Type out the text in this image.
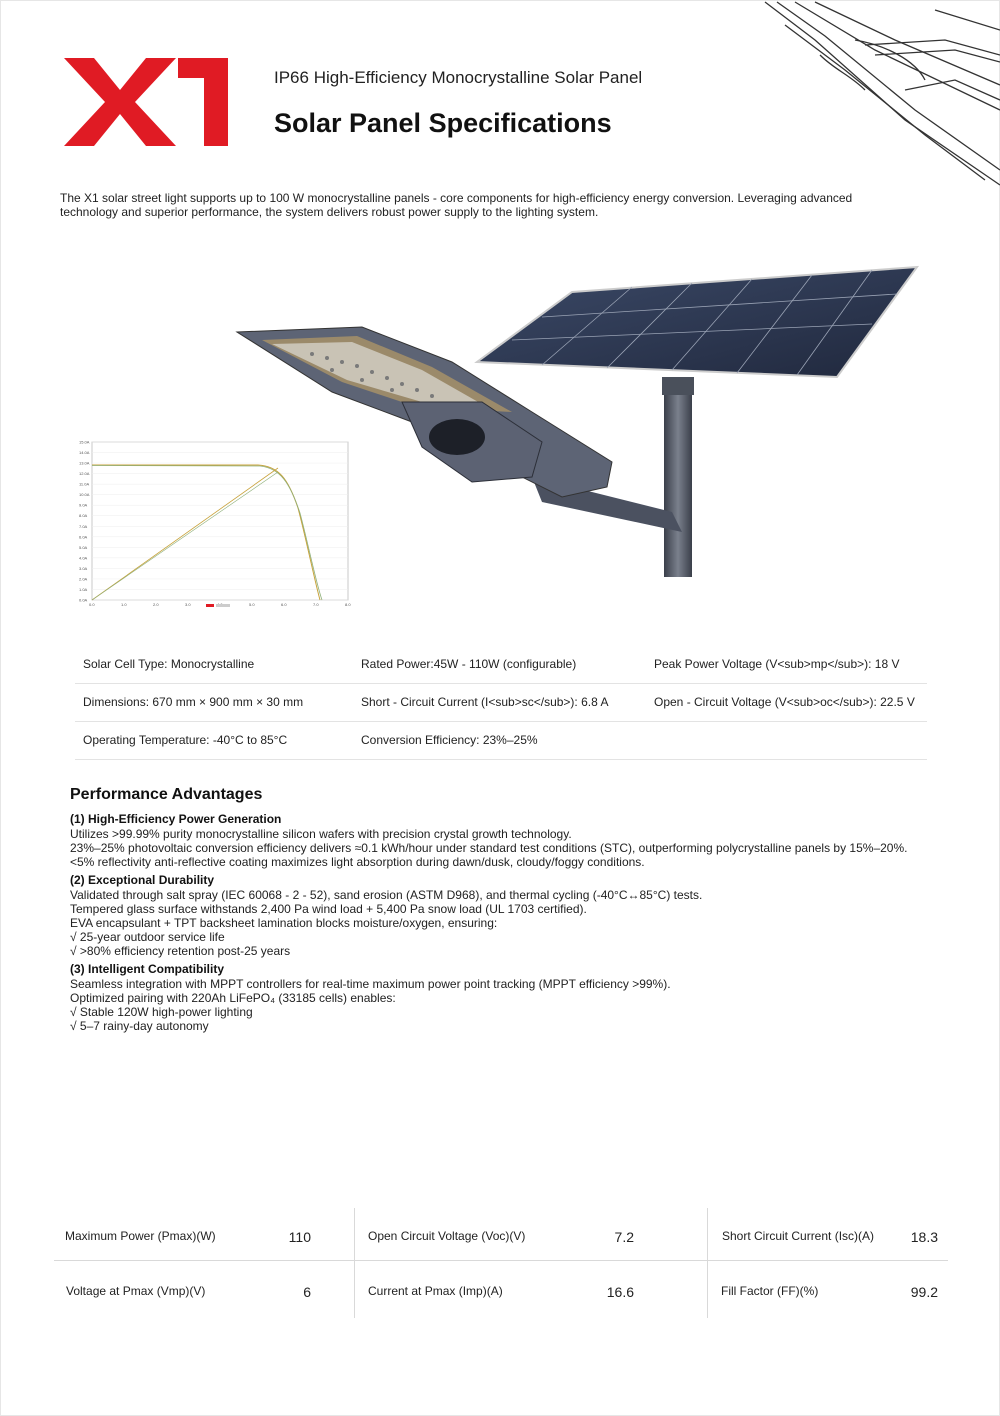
IP66 High-Efficiency Monocrystalline Solar Panel
Solar Panel Specifications
The X1 solar street light supports up to 100 W monocrystalline panels - core components for high-efficiency energy conversion. Leveraging advanced technology and superior performance, the system delivers robust power supply to the lighting system.
15.0A
14.0A
13.0A
12.0A
11.0A
10.0A
9.0A
8.0A
7.0A
6.0A
5.0A
4.0A
3.0A
2.0A
1.0A
0.0A
0.0	1.0	2.0	3.0	5.0	6.0	7.0	8.0
Solar Cell Type: Monocrystalline	Rated Power:45W - 110W (configurable)	Peak Power Voltage (V<sub>mp</sub>): 18 V
Dimensions: 670 mm × 900 mm × 30 mm	Short - Circuit Current (I<sub>sc</sub>): 6.8 A	Open - Circuit Voltage (V<sub>oc</sub>): 22.5 V
Operating Temperature: -40°C to 85°C	Conversion Efficiency: 23%–25%
Performance Advantages
(1) High-Efficiency Power Generation

Utilizes >99.99% purity monocrystalline silicon wafers with precision crystal growth technology.

23%–25% photovoltaic conversion efficiency delivers ≈0.1 kWh/hour under standard test conditions (STC), outperforming polycrystalline panels by 15%–20%.

<5% reflectivity anti-reflective coating maximizes light absorption during dawn/dusk, cloudy/foggy conditions.

(2) Exceptional Durability

Validated through salt spray (IEC 60068 - 2 - 52), sand erosion (ASTM D968), and thermal cycling (-40°C↔85°C) tests.

Tempered glass surface withstands 2,400 Pa wind load + 5,400 Pa snow load (UL 1703 certified).

EVA encapsulant + TPT backsheet lamination blocks moisture/oxygen, ensuring:

√ 25-year outdoor service life

√ >80% efficiency retention post-25 years

(3) Intelligent Compatibility

Seamless integration with MPPT controllers for real-time maximum power point tracking (MPPT efficiency >99%).

Optimized pairing with 220Ah LiFePO₄ (33185 cells) enables:

√ Stable 120W high-power lighting

√ 5–7 rainy-day autonomy

Maximum Power (Pmax)(W)	110	Open Circuit Voltage (Voc)(V)	7.2	Short Circuit Current (Isc)(A)	18.3
Voltage at Pmax (Vmp)(V)	6	Current at Pmax (Imp)(A)	16.6	Fill Factor (FF)(%)	99.2
